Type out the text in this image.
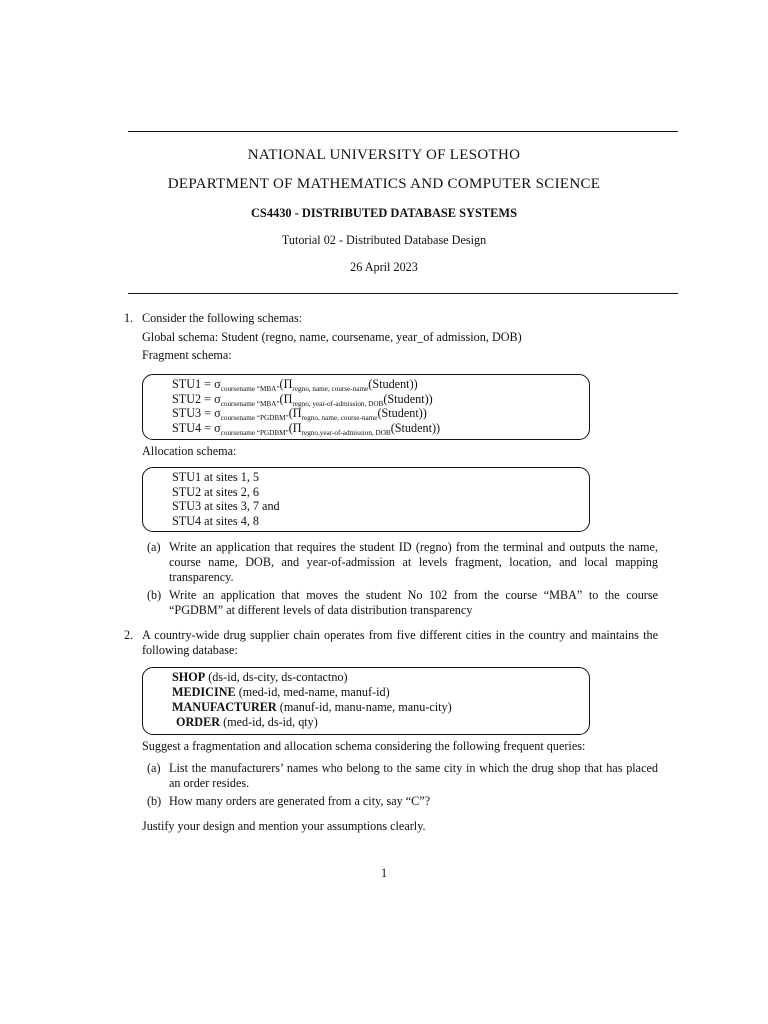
NATIONAL UNIVERSITY OF LESOTHO
DEPARTMENT OF MATHEMATICS AND COMPUTER SCIENCE
CS4430 - DISTRIBUTED DATABASE SYSTEMS
Tutorial 02 - Distributed Database Design
26 April 2023
1. Consider the following schemas:
Global schema: Student (regno, name, coursename, year_of admission, DOB)
Fragment schema:
$STU1 = \sigma_{coursename “MBA”}(\Pi_{regno, name, course-name}(Student))$
$STU2 = \sigma_{coursename “MBA”}(\Pi_{regno, year-of-admission, DOB}(Student))$
$STU3 = \sigma_{coursename “PGDBM”}(\Pi_{regno, name, course-name}(Student))$
$STU4 = \sigma_{coursename “PGDBM”}(\Pi_{regno,year-of-admission, DOB}(Student))$
Allocation schema:
STU1 at sites 1, 5
STU2 at sites 2, 6
STU3 at sites 3, 7 and
STU4 at sites 4, 8
(a) Write an application that requires the student ID (regno) from the terminal and outputs the name, course name, DOB, and year-of-admission at levels fragment, location, and local mapping transparency.
(b) Write an application that moves the student No 102 from the course “MBA” to the course “PGDBM” at different levels of data distribution transparency
2. A country-wide drug supplier chain operates from five different cities in the country and maintains the following database:
SHOP (ds-id, ds-city, ds-contactno)
MEDICINE (med-id, med-name, manuf-id)
MANUFACTURER (manuf-id, manu-name, manu-city)
ORDER (med-id, ds-id, qty)
Suggest a fragmentation and allocation schema considering the following frequent queries:
(a) List the manufacturers’ names who belong to the same city in which the drug shop that has placed an order resides.
(b) How many orders are generated from a city, say “C”?
Justify your design and mention your assumptions clearly.
1
